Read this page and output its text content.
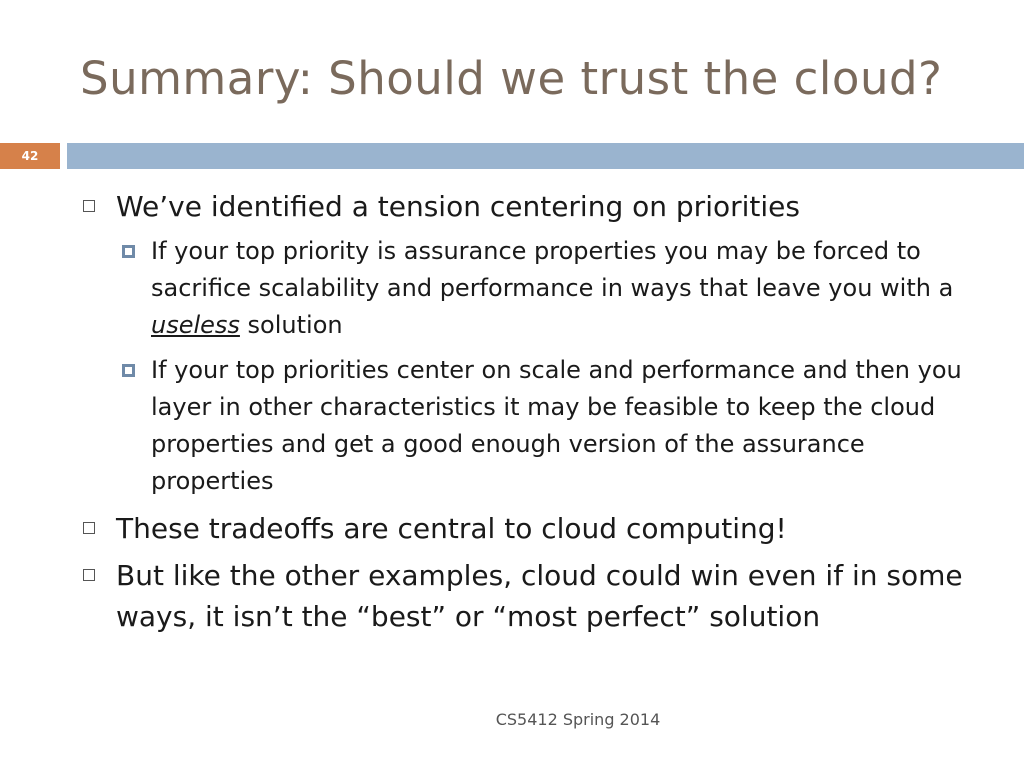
Summary: Should we trust the cloud?
42
We’ve identified a tension centering on priorities
If your top priority is assurance properties you may be forced to sacrifice scalability and performance in ways that leave you with a useless solution
If your top priorities center on scale and performance and then you layer in other characteristics it may be feasible to keep the cloud properties and get a good enough version of the assurance properties
These tradeoffs are central to cloud computing!
But like the other examples, cloud could win even if in some ways, it isn’t the “best” or “most perfect” solution
CS5412 Spring 2014
